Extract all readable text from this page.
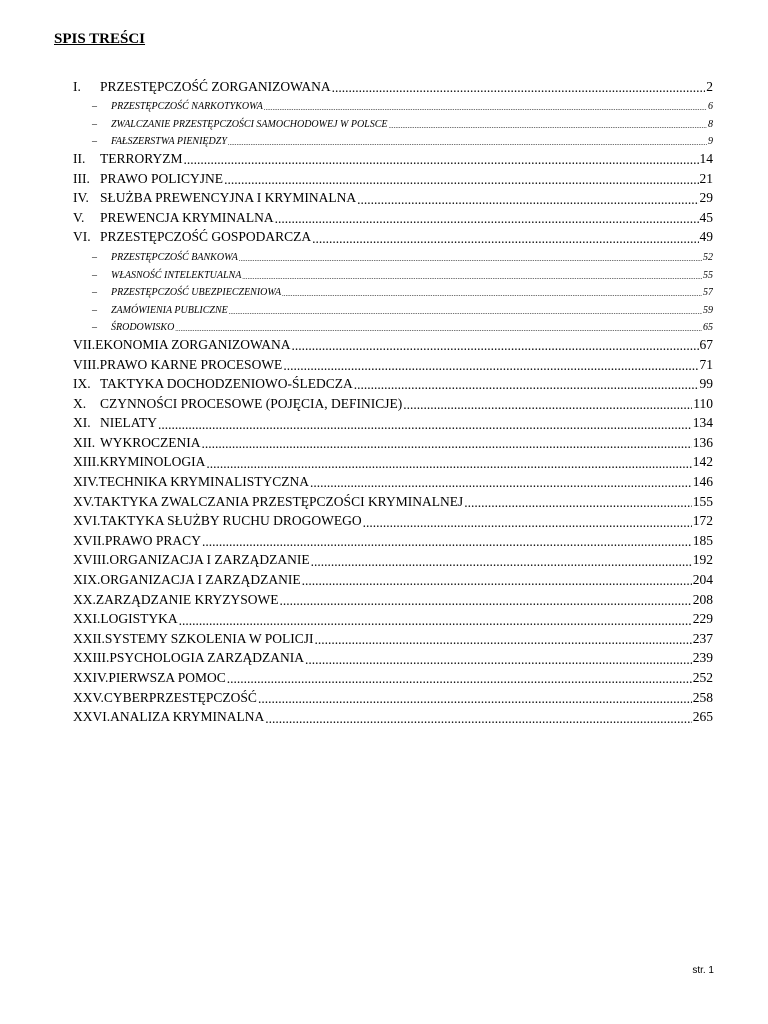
SPIS TREŚCI
I.	PRZESTĘPCZOŚĆ ZORGANIZOWANA .....	2
–	PRZESTĘPCZOŚĆ NARKOTYKOWA .....	6
–	ZWALCZANIE PRZESTĘPCZOŚCI SAMOCHODOWEJ W POLSCE .....	8
–	FAŁSZERSTWA PIENIĘDZY .....	9
II.	TERRORYZM .....	14
III. PRAWO POLICYJNE .....	21
IV. SŁUŻBA PREWENCYJNA I KRYMINALNA .....	29
V.	PREWENCJA KRYMINALNA .....	45
VI. PRZESTĘPCZOŚĆ GOSPODARCZA .....	49
–	PRZESTĘPCZOŚĆ BANKOWA .....	52
–	WŁASNOŚĆ INTELEKTUALNA .....	55
–	PRZESTĘPCZOŚĆ UBEZPIECZENIOWA .....	57
–	ZAMÓWIENIA PUBLICZNE .....	59
–	ŚRODOWISKO .....	65
VII. EKONOMIA ZORGANIZOWANA .....	67
VIII. PRAWO KARNE PROCESOWE .....	71
IX. TAKTYKA DOCHODZENIOWO-ŚLEDCZA .....	99
X.	CZYNNOŚCI PROCESOWE (POJĘCIA, DEFINICJE) .....	110
XI. NIELATY .....	134
XII. WYKROCZENIA .....	136
XIII. KRYMINOLOGIA .....	142
XIV. TECHNIKA KRYMINALISTYCZNA .....	146
XV. TAKTYKA ZWALCZANIA PRZESTĘPCZOŚCI KRYMINALNEJ .....	155
XVI. TAKTYKA SŁUŻBY RUCHU DROGOWEGO .....	172
XVII. PRAWO PRACY .....	185
XVIII. ORGANIZACJA I ZARZĄDZANIE .....	192
XIX. ORGANIZACJA I ZARZĄDZANIE .....	204
XX. ZARZĄDZANIE KRYZYSOWE .....	208
XXI. LOGISTYKA .....	229
XXII. SYSTEMY SZKOLENIA W POLICJI .....	237
XXIII. PSYCHOLOGIA ZARZĄDZANIA .....	239
XXIV. PIERWSZA POMOC .....	252
XXV. CYBERPRZESTĘPCZOŚĆ .....	258
XXVI. ANALIZA KRYMINALNA .....	265
str. 1
